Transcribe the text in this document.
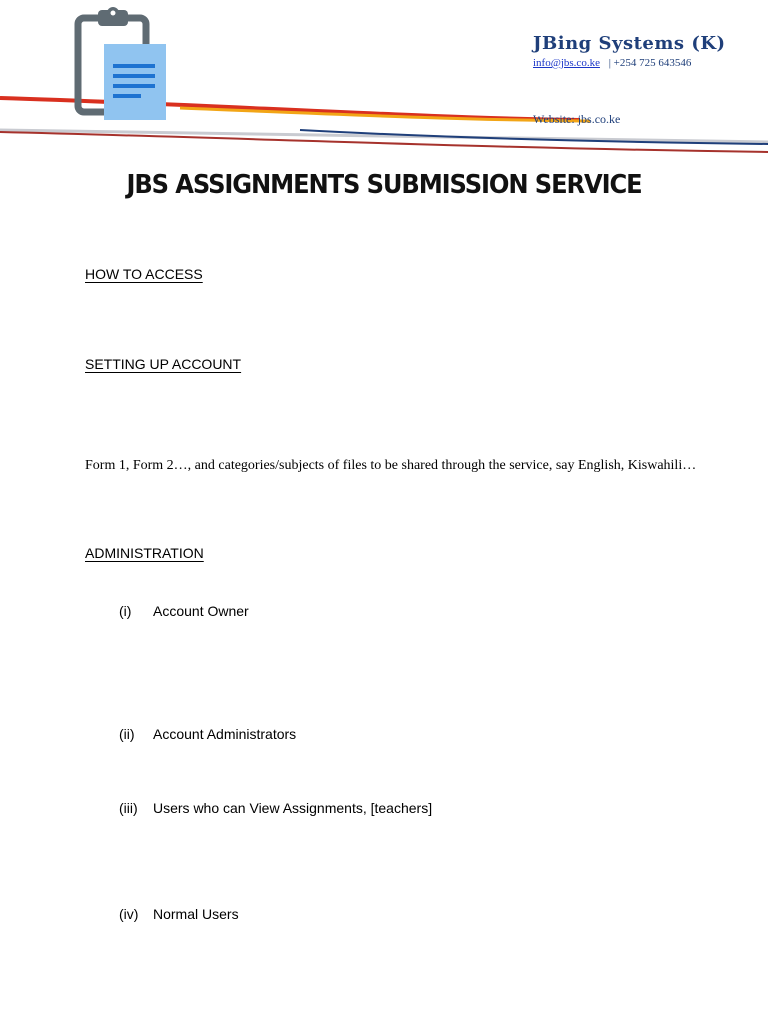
JBing Systems (K)
info@jbs.co.ke | +254 725 643546
Website: jbs.co.ke
JBS ASSIGNMENTS SUBMISSION SERVICE
HOW TO ACCESS
SETTING UP ACCOUNT
Form 1, Form 2…, and categories/subjects of files to be shared through the service, say English, Kiswahili…
ADMINISTRATION
(i) Account Owner
(ii) Account Administrators
(iii) Users who can View Assignments, [teachers]
(iv) Normal Users
